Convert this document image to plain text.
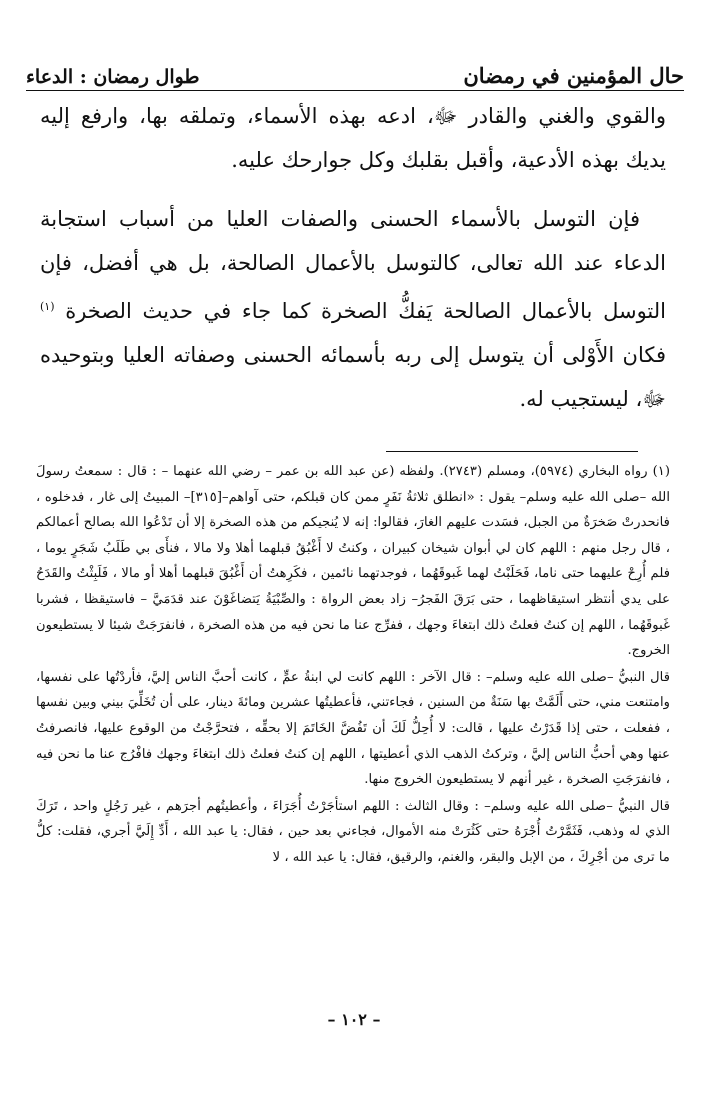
حال المؤمنين في رمضان
طوال رمضان : الدعاء

والقوي والغني والقادر ﷻ، ادعه بهذه الأسماء، وتملقه بها، وارفع إليه يديك بهذه الأدعية، وأقبل بقلبك وكل جوارحك عليه.

فإن التوسل بالأسماء الحسنى والصفات العليا من أسباب استجابة الدعاء عند الله تعالى، كالتوسل بالأعمال الصالحة، بل هي أفضل، فإن التوسل بالأعمال الصالحة يَفكُّ الصخرة كما جاء في حديث الصخرة $^{(١)}$ فكان الأَوْلى أن يتوسل إلى ربه بأسمائه الحسنى وصفاته العليا وبتوحيده ﷻ، ليستجيب له.

(١) رواه البخاري (٥٩٧٤)، ومسلم (٢٧٤٣). ولفظه (عن عبد الله بن عمر – رضي الله عنهما – : قال : سمعتُ رسولَ الله –صلى الله عليه وسلم– يقول : «انطلق ثلاثةُ نَفَرٍ ممن كان قبلكم، حتى آواهم–[٣١٥]– المبيتُ إلى غار ، فدخلوه ، فانحدرتْ صَخرَةٌ من الجبل، فسَدت عليهم الغارَ، فقالوا: إنه لا يُنجيكم من هذه الصخرة إلا أن تَدْعُوا الله بصالح أعمالكم ، قال رجل منهم : اللهم كان لي أبوان شيخان كبيران ، وكنتُ لا أَغْبُقُ قبلهما أهلا ولا مالا ، فنأَى بي طَلَبُ شَجَرٍ يوما ، فلم أُرِحْ عليهما حتى ناما، فَحَلَبْتُ لهما غَبوقَهُما ، فوجدتهما نائمين ، فكَرِهتُ أن أَغْبُقَ قبلهما أهلا أو مالا ، فَلَبِثْتُ والقَدَحُ على يدي أنتظر استيقاظهما ، حتى بَرَقَ الفَجرُ– زاد بعض الرواة : والصِّبْيَةُ يَتضاغَوْنَ عند قدَمَيَّ – فاستيقظا ، فشربا غَبوقَهُما ، اللهم إن كنتُ فعلتُ ذلك ابتغاءَ وجهك ، ففرِّج عنا ما نحن فيه من هذه الصخرة ، فانفرَجَتْ شيئا لا يستطيعون الخروج.

قال النبيُّ –صلى الله عليه وسلم– : قال الآخر : اللهم كانت لي ابنةُ عمٍّ ، كانت أحبَّ الناس إليَّ، فأردْتُها على نفسها، وامتنعت مني، حتى أَلَمَّتْ بها سَنَةٌ من السنين ، فجاءتني، فأعطيتُها عشرين ومائةَ دينار، على أن تُخَلِّيَ بيني وبين نفسها ، ففعلت ، حتى إذا قَدَرْتُ عليها ، قالت: لا أُحِلُّ لَكَ أن تَفُضَّ الخَاتَمَ إلا بحقِّه ، فتحرَّجْتُ من الوقوع عليها، فانصرفتُ عنها وهي أحبُّ الناس إليَّ ، وتركتُ الذهب الذي أعطيتها ، اللهم إن كنتُ فعلتُ ذلك ابتغاءَ وجهك فافْرُج عنا ما نحن فيه ، فانفرَجَتِ الصخرة ، غير أنهم لا يستطيعون الخروج منها.

قال النبيُّ –صلى الله عليه وسلم– : وقال الثالث : اللهم استأجَرْتُ أُجَرَاءَ ، وأعطيتُهم أجرَهم ، غير رَجُلٍ واحد ، تَرَكَ الذي له وذهب، فَثَمَّرْتُ أُجْرَهُ حتى كَثُرَتْ منه الأموال، فجاءني بعد حين ، فقال: يا عبد الله ، أَدِّ إِلَيَّ أجري، فقلت: كلُّ ما ترى من أجْرِكَ ، من الإبل والبقر، والغنم، والرقيق، فقال: يا عبد الله ، لا

– ١٠٢ –
